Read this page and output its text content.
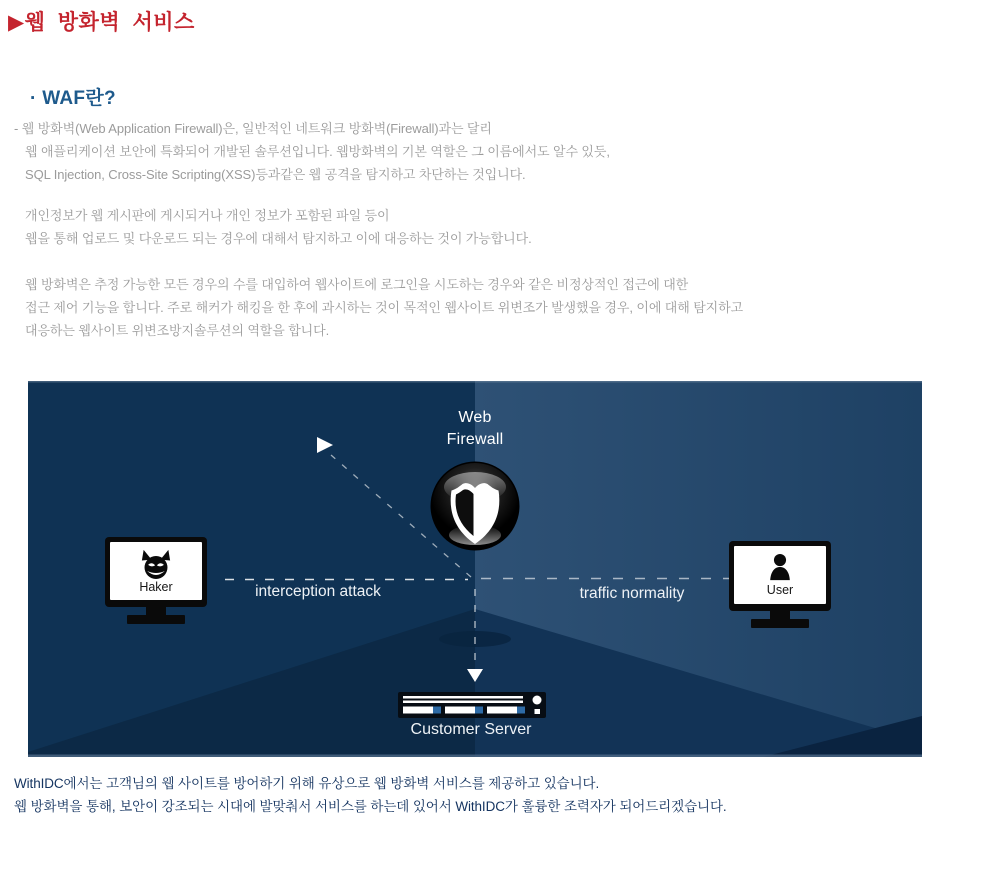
▶웹 방화벽 서비스
· WAF란?
- 웹 방화벽(Web Application Firewall)은, 일반적인 네트워크 방화벽(Firewall)과는 달리
웹 애플리케이션 보안에 특화되어 개발된 솔루션입니다. 웹방화벽의 기본 역할은 그 이름에서도 알수 있듯,
SQL Injection, Cross-Site Scripting(XSS)등과같은 웹 공격을 탐지하고 차단하는 것입니다.
개인정보가 웹 게시판에 게시되거나 개인 정보가 포함된 파일 등이
웹을 통해 업로드 및 다운로드 되는 경우에 대해서 탐지하고 이에 대응하는 것이 가능합니다.
웹 방화벽은 추정 가능한 모든 경우의 수를 대입하여 웹사이트에 로그인을 시도하는 경우와 같은 비정상적인 접근에 대한
접근 제어 기능을 합니다. 주로 해커가 해킹을 한 후에 과시하는 것이 목적인 웹사이트 위변조가 발생했을 경우, 이에 대해 탐지하고
대응하는 웹사이트 위변조방지솔루션의 역할을 합니다.
Web
Firewall
Haker	User
interception attack	traffic normality
Customer Server
WithIDC에서는 고객님의 웹 사이트를 방어하기 위해 유상으로 웹 방화벽 서비스를 제공하고 있습니다.
웹 방화벽을 통해, 보안이 강조되는 시대에 발맞춰서 서비스를 하는데 있어서 WithIDC가 훌륭한 조력자가 되어드리겠습니다.
